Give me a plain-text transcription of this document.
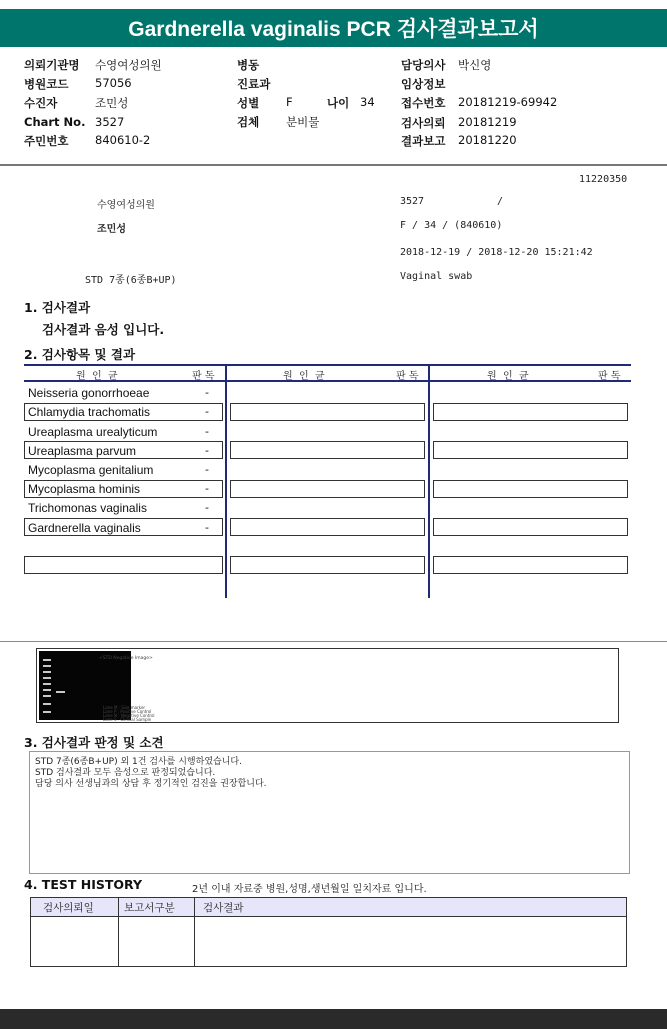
Gardnerella vaginalis PCR 검사결과보고서
의뢰기관명 수영여성의원
병원코드 57056
수진자	조민성
Chart No. 3527
주민번호 840610-2
병동
진료과
성별 F
검체 분비물
나이 34
담당의사 박신영
임상정보
접수번호 20181219-69942
검사의뢰 20181219
결과보고 20181220
11220350
수영여성의원	3527	/
조민성	F / 34 / (840610)
2018-12-19 / 2018-12-20 15:21:42
STD 7종(6종B+UP)	Vaginal swab
1. 검사결과
검사결과 음성 입니다.
2. 검사항목 및 결과
원  인  균	판 독	원  인  균	판 독	원  인  균	판 독
Neisseria gonorrhoeae	-
Chlamydia trachomatis	-
Ureaplasma urealyticum	-
Ureaplasma parvum	-
Mycoplasma genitalium	-
Mycoplasma hominis	-
Trichomonas vaginalis	-
Gardnerella vaginalis	-
<STD Negative Image>
Lane M : Size marker
Lane P : Positive Control
Lane N : Negative Control
Lane S : Clinical Sample
3. 검사결과 판정 및 소견
STD 7종(6종B+UP) 외 1건 검사를 시행하였습니다.
STD 검사결과 모두 음성으로 판정되었습니다.
담당 의사 선생님과의 상담 후 정기적인 검진을 권장합니다.
4. TEST HISTORY	2년 이내 자료중 병원,성명,생년월일 일치자료 입니다.
검사의뢰일	보고서구분	검사결과
